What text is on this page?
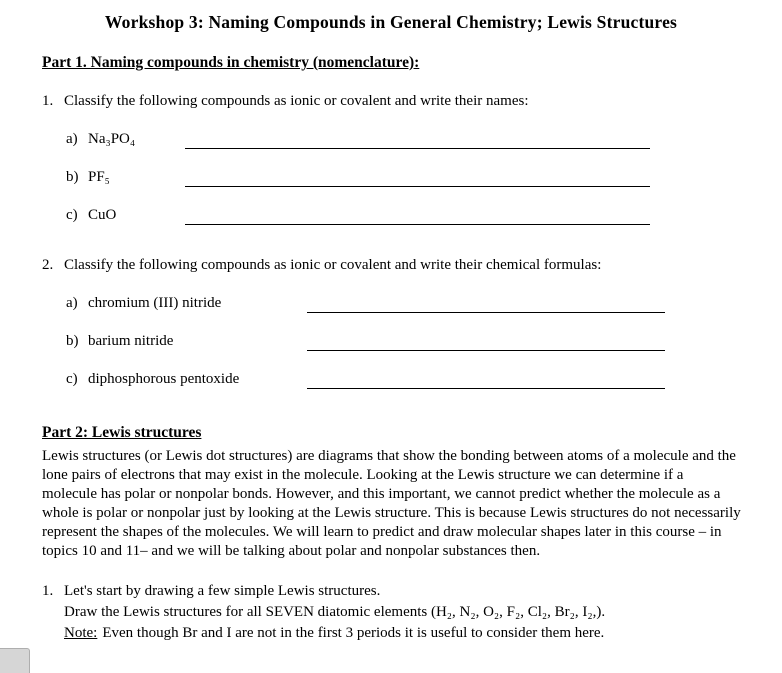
Workshop 3: Naming Compounds in General Chemistry; Lewis Structures
Part 1. Naming compounds in chemistry (nomenclature):
1. Classify the following compounds as ionic or covalent and write their names:
a) Na₃PO₄
b) PF₅
c) CuO
2. Classify the following compounds as ionic or covalent and write their chemical formulas:
a) chromium (III) nitride
b) barium nitride
c) diphosphorous pentoxide
Part 2: Lewis structures

Lewis structures (or Lewis dot structures) are diagrams that show the bonding between atoms of a molecule and the lone pairs of electrons that may exist in the molecule. Looking at the Lewis structure we can determine if a molecule has polar or nonpolar bonds. However, and this important, we cannot predict whether the molecule as a whole is polar or nonpolar just by looking at the Lewis structure. This is because Lewis structures do not necessarily represent the shapes of the molecules. We will learn to predict and draw molecular shapes later in this course – in topics 10 and 11– and we will be talking about polar and nonpolar substances then.

1. Let's start by drawing a few simple Lewis structures.
Draw the Lewis structures for all SEVEN diatomic elements (H₂, N₂, O₂, F₂, Cl₂, Br₂, I₂,).
Note: Even though Br and I are not in the first 3 periods it is useful to consider them here.
